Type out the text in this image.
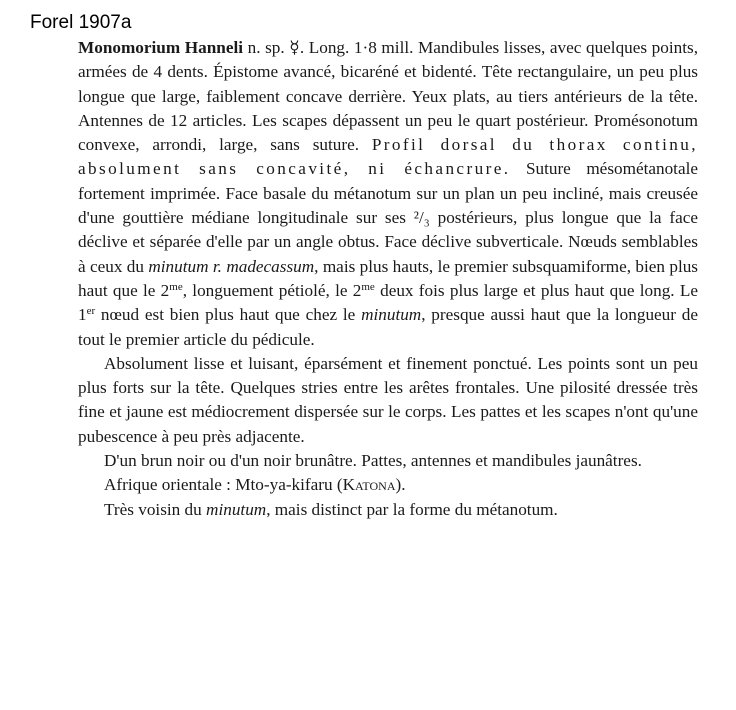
Forel 1907a

Monomorium Hanneli n. sp. ☿. Long. 1·8 mill. Mandibules lisses, avec quelques points, armées de 4 dents. Épistome avancé, bicaréné et bidenté. Tête rectangulaire, un peu plus longue que large, faiblement concave derrière. Yeux plats, au tiers antérieurs de la tête. Antennes de 12 articles. Les scapes dépassent un peu le quart postérieur. Promésonotum convexe, arrondi, large, sans suture. Profil dorsal du thorax continu, absolument sans concavité, ni échancrure. Suture mésométanotale fortement imprimée. Face basale du métanotum sur un plan un peu incliné, mais creusée d'une gouttière médiane longitudinale sur ses ²/₃ postérieurs, plus longue que la face déclive et séparée d'elle par un angle obtus. Face déclive subverticale. Nœuds semblables à ceux du minutum r. madecassum, mais plus hauts, le premier subsquamiforme, bien plus haut que le $2^{me}$, longuement pétiolé, le $2^{me}$ deux fois plus large et plus haut que long. Le 1er nœud est bien plus haut que chez le minutum, presque aussi haut que la longueur de tout le premier article du pédicule.

Absolument lisse et luisant, éparsément et finement ponctué. Les points sont un peu plus forts sur la tête. Quelques stries entre les arêtes frontales. Une pilosité dressée très fine et jaune est médiocrement dispersée sur le corps. Les pattes et les scapes n'ont qu'une pubescence à peu près adjacente.

D'un brun noir ou d'un noir brunâtre. Pattes, antennes et mandibules jaunâtres.

Afrique orientale : Mto-ya-kifaru (Katona).

Très voisin du minutum, mais distinct par la forme du métanotum.
